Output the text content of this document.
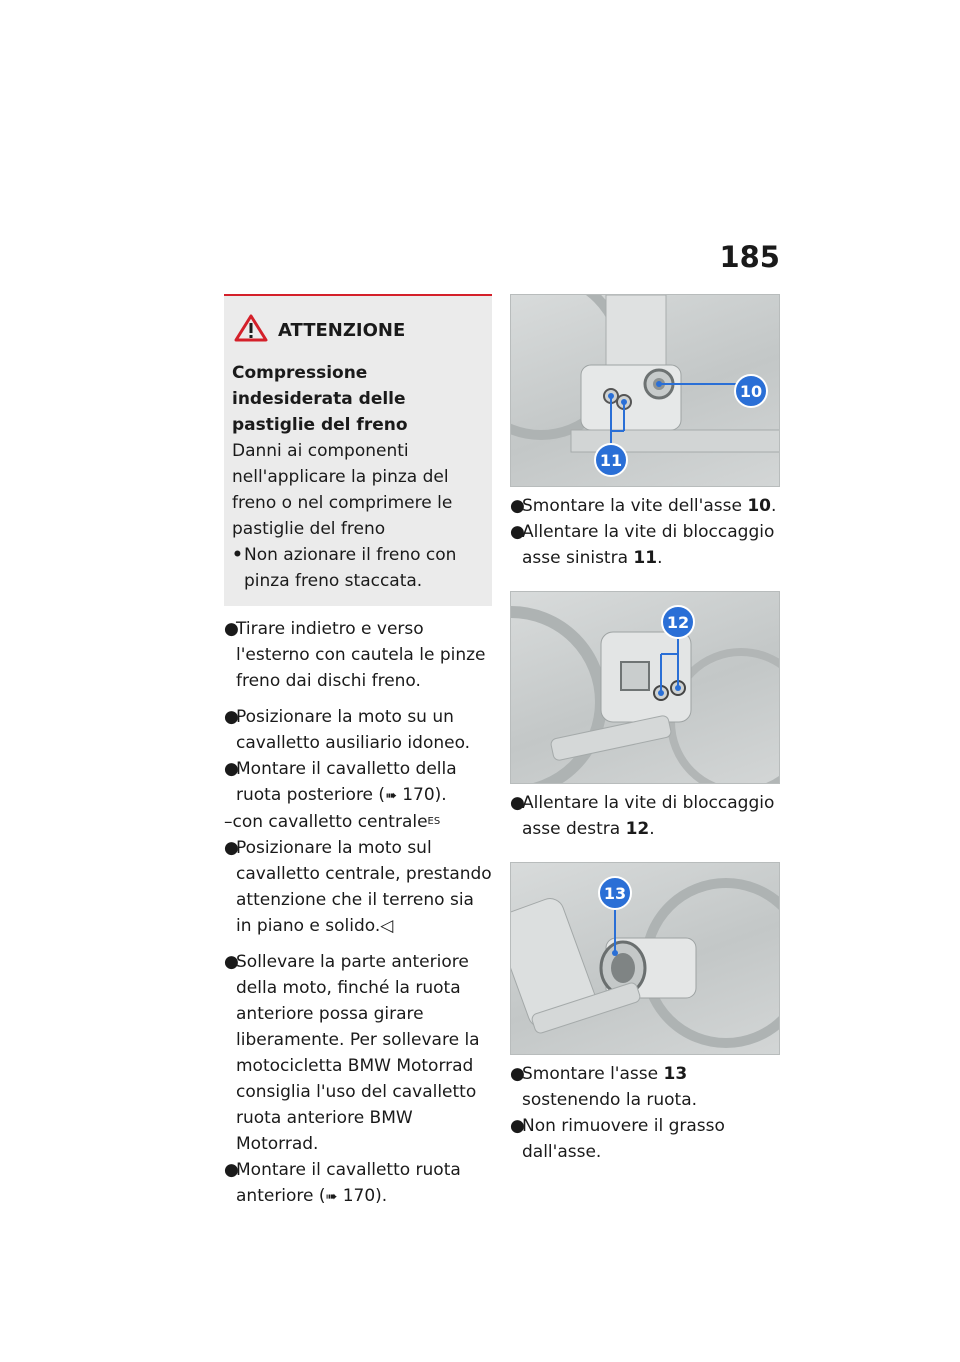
185
ATTENZIONE
Compressione indesiderata delle pastiglie del freno
Danni ai componenti nell'applicare la pinza del freno o nel comprimere le pastiglie del freno
• Non azionare il freno con pinza freno staccata.
●
Tirare indietro e verso l'esterno con cautela le pinze freno dai dischi freno.
●
Posizionare la moto su un cavalletto ausiliario idoneo.
●
Montare il cavalletto della ruota posteriore (➠ 170).
– con cavalletto centrale ES
●
Posizionare la moto sul cavalletto centrale, prestando attenzione che il terreno sia in piano e solido.◁
●
Sollevare la parte anteriore della moto, finché la ruota anteriore possa girare liberamente. Per sollevare la motocicletta BMW Motorrad consiglia l'uso del cavalletto ruota anteriore BMW Motorrad.
●
Montare il cavalletto ruota anteriore (➠ 170).
10
11
●
Smontare la vite dell'asse 10.
●
Allentare la vite di bloccaggio asse sinistra 11.
12
●
Allentare la vite di bloccaggio asse destra 12.
13
●
Smontare l'asse 13 sostenendo la ruota.
●
Non rimuovere il grasso dall'asse.
